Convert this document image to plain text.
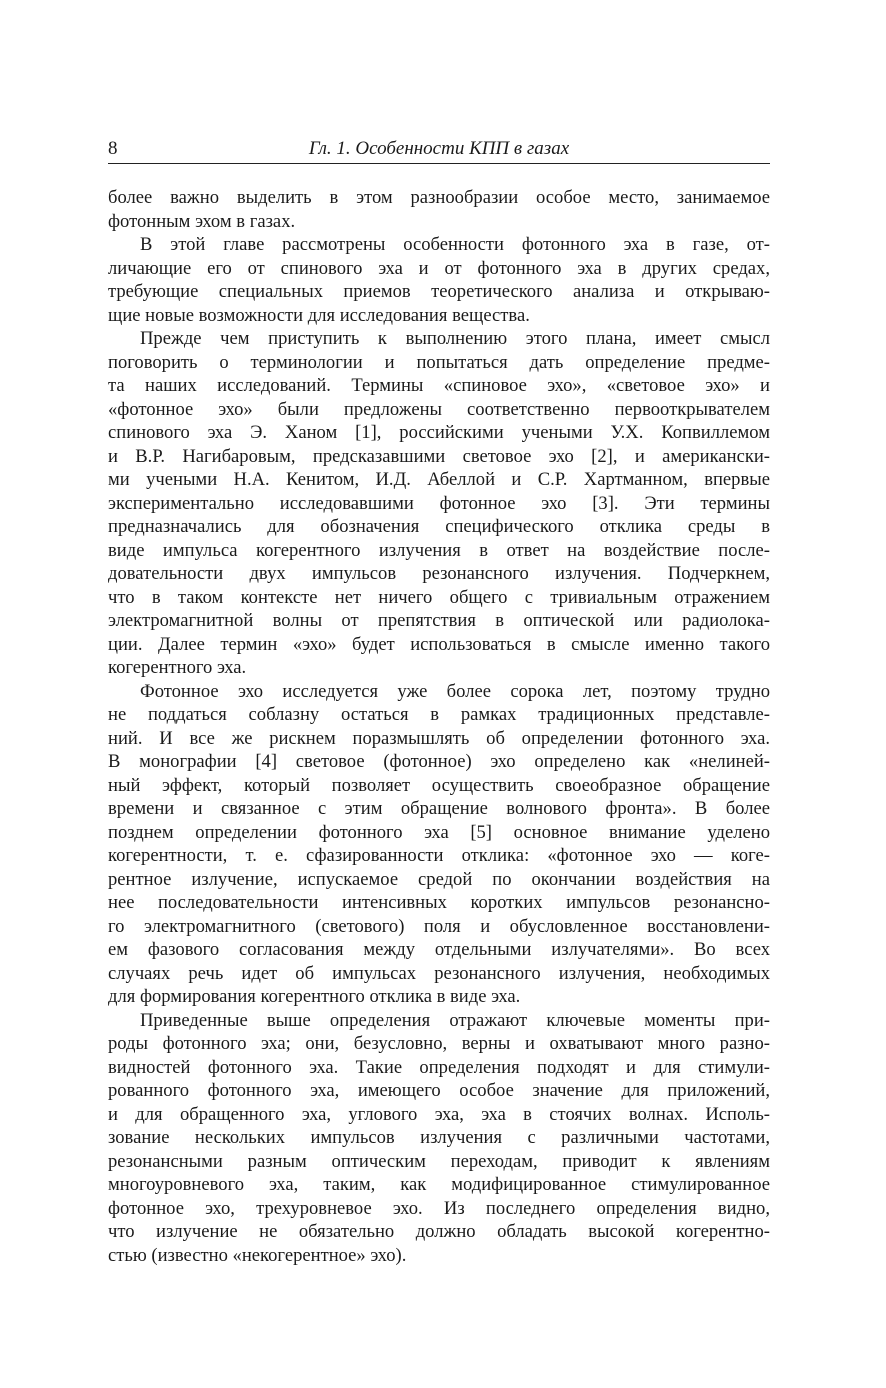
8	Гл. 1. Особенности КПП в газах
более важно выделить в этом разнообразии особое место, занимаемое
фотонным эхом в газах.
В этой главе рассмотрены особенности фотонного эха в газе, от-
личающие его от спинового эха и от фотонного эха в других средах,
требующие специальных приемов теоретического анализа и открываю-
щие новые возможности для исследования вещества.
Прежде чем приступить к выполнению этого плана, имеет смысл
поговорить о терминологии и попытаться дать определение предме-
та наших исследований. Термины «спиновое эхо», «световое эхо» и
«фотонное эхо» были предложены соответственно первооткрывателем
спинового эха Э. Ханом [1], российскими учеными У.Х. Копвиллемом
и В.Р. Нагибаровым, предсказавшими световое эхо [2], и американски-
ми учеными Н.А. Кенитом, И.Д. Абеллой и С.Р. Хартманном, впервые
экспериментально исследовавшими фотонное эхо [3]. Эти термины
предназначались для обозначения специфического отклика среды в
виде импульса когерентного излучения в ответ на воздействие после-
довательности двух импульсов резонансного излучения. Подчеркнем,
что в таком контексте нет ничего общего с тривиальным отражением
электромагнитной волны от препятствия в оптической или радиолока-
ции. Далее термин «эхо» будет использоваться в смысле именно такого
когерентного эха.
Фотонное эхо исследуется уже более сорока лет, поэтому трудно
не поддаться соблазну остаться в рамках традиционных представле-
ний. И все же рискнем поразмышлять об определении фотонного эха.
В монографии [4] световое (фотонное) эхо определено как «нелиней-
ный эффект, который позволяет осуществить своеобразное обращение
времени и связанное с этим обращение волнового фронта». В более
позднем определении фотонного эха [5] основное внимание уделено
когерентности, т. е. сфазированности отклика: «фотонное эхо — коге-
рентное излучение, испускаемое средой по окончании воздействия на
нее последовательности интенсивных коротких импульсов резонансно-
го электромагнитного (светового) поля и обусловленное восстановлени-
ем фазового согласования между отдельными излучателями». Во всех
случаях речь идет об импульсах резонансного излучения, необходимых
для формирования когерентного отклика в виде эха.
Приведенные выше определения отражают ключевые моменты при-
роды фотонного эха; они, безусловно, верны и охватывают много разно-
видностей фотонного эха. Такие определения подходят и для стимули-
рованного фотонного эха, имеющего особое значение для приложений,
и для обращенного эха, углового эха, эха в стоячих волнах. Исполь-
зование нескольких импульсов излучения с различными частотами,
резонансными разным оптическим переходам, приводит к явлениям
многоуровневого эха, таким, как модифицированное стимулированное
фотонное эхо, трехуровневое эхо. Из последнего определения видно,
что излучение не обязательно должно обладать высокой когерентно-
стью (известно «некогерентное» эхо).
